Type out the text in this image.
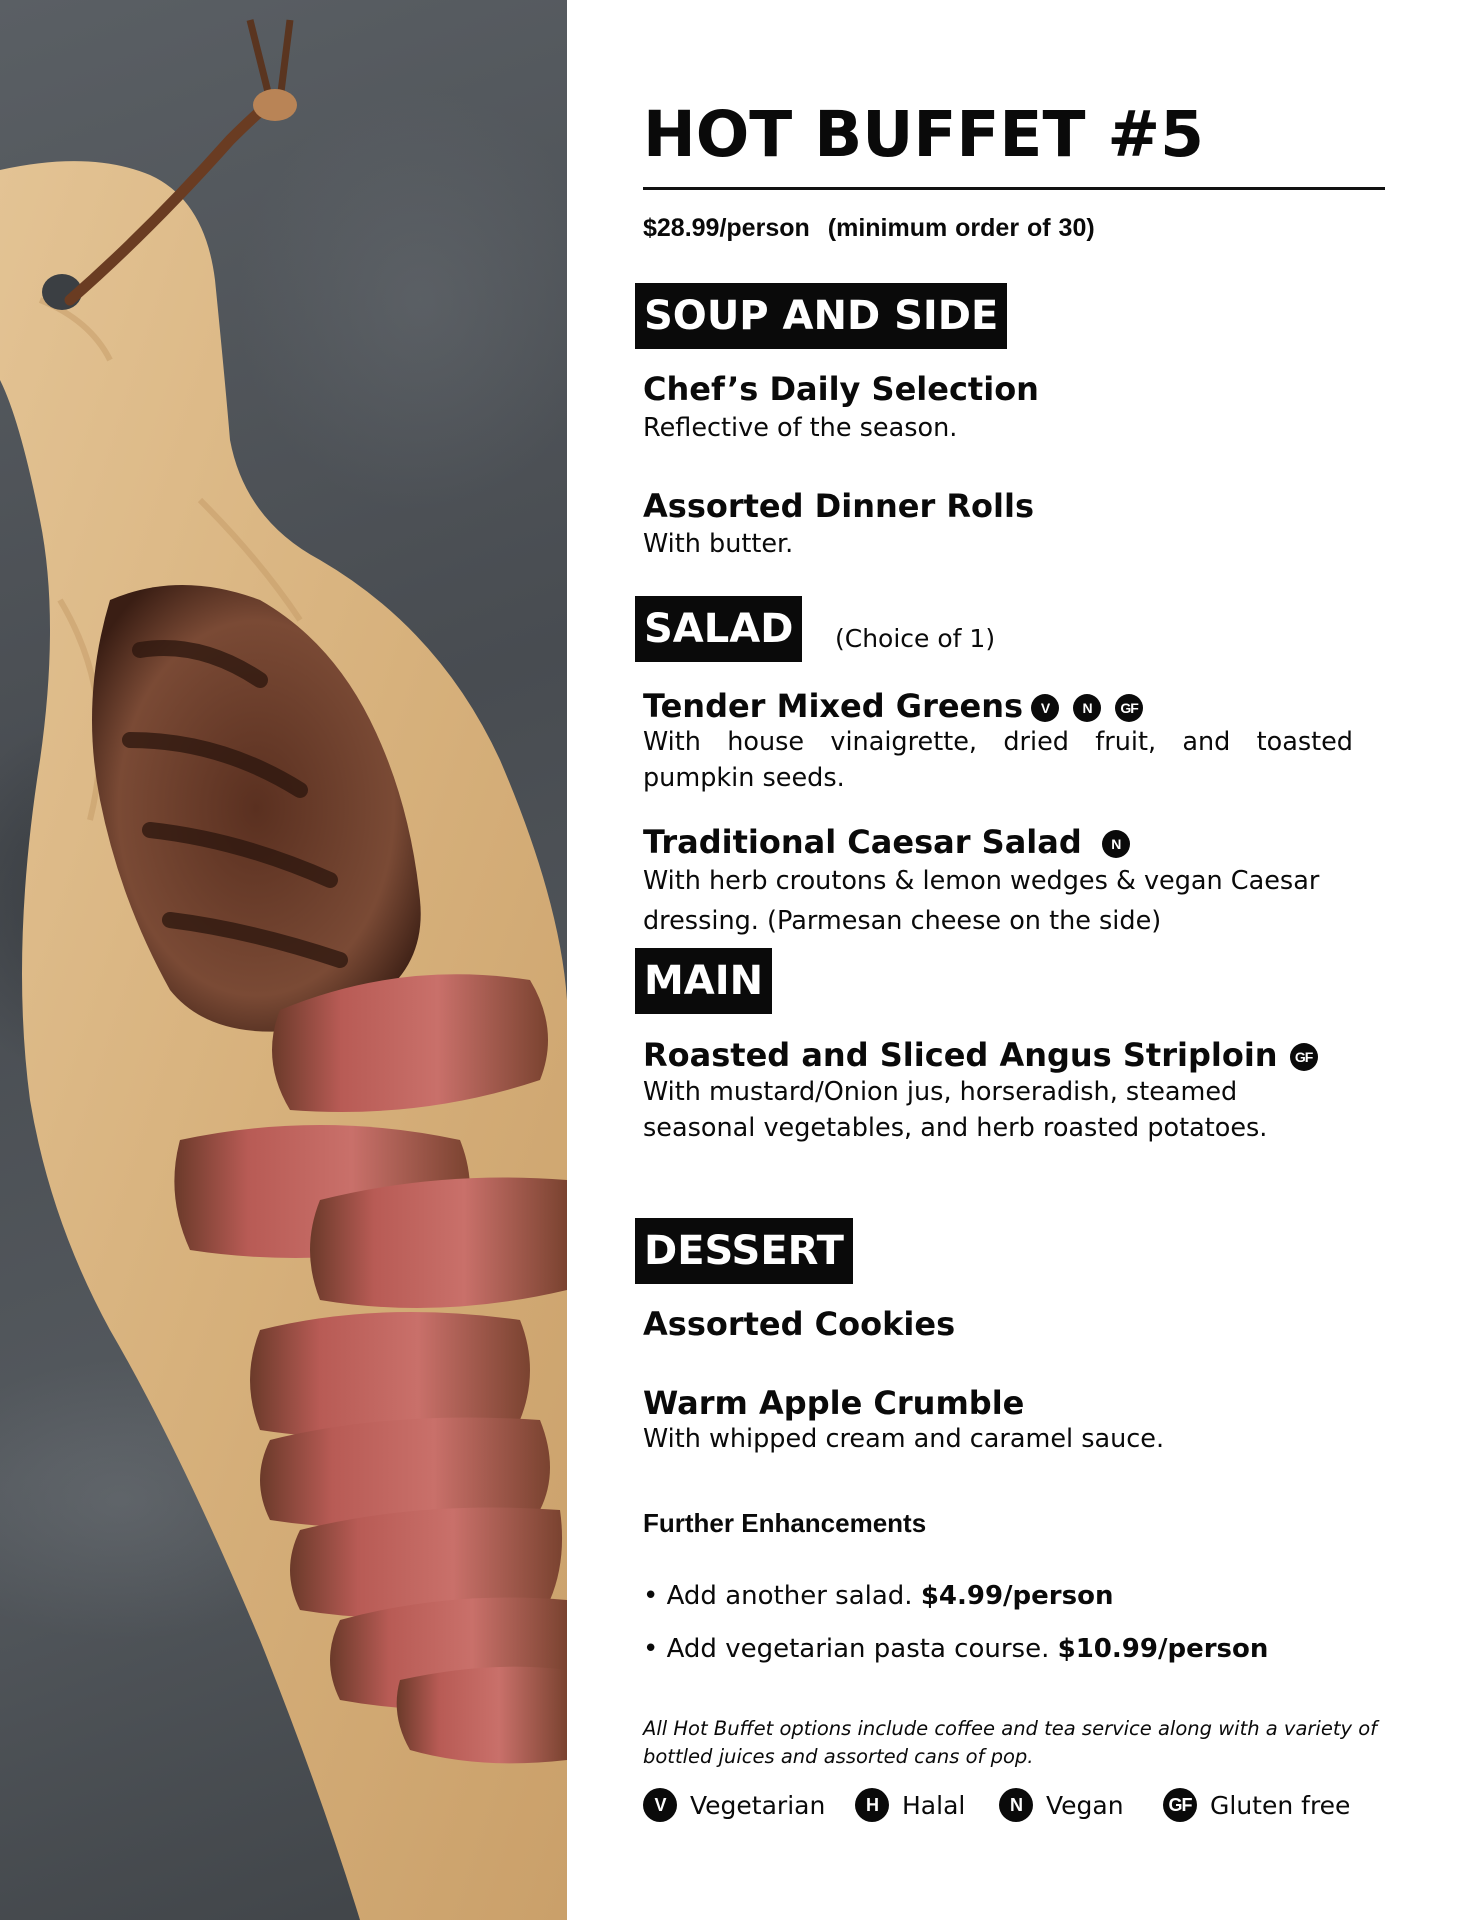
HOT BUFFET #5
$28.99/person (minimum order of 30)
SOUP AND SIDE
Chef’s Daily Selection
Reflective of the season.
Assorted Dinner Rolls
With butter.
SALAD	(Choice of 1)
Tender Mixed Greens V N GF
With house vinaigrette, dried fruit, and toasted pumpkin seeds.
Traditional Caesar Salad N
With herb croutons & lemon wedges & vegan Caesar dressing. (Parmesan cheese on the side)
MAIN
Roasted and Sliced Angus Striploin GF
With mustard/Onion jus, horseradish, steamed seasonal vegetables, and herb roasted potatoes.
DESSERT
Assorted Cookies
Warm Apple Crumble
With whipped cream and caramel sauce.
Further Enhancements
• Add another salad. $4.99/person
• Add vegetarian pasta course. $10.99/person
All Hot Buffet options include coffee and tea service along with a variety of bottled juices and assorted cans of pop.
V Vegetarian	H Halal	N Vegan	GF Gluten free
